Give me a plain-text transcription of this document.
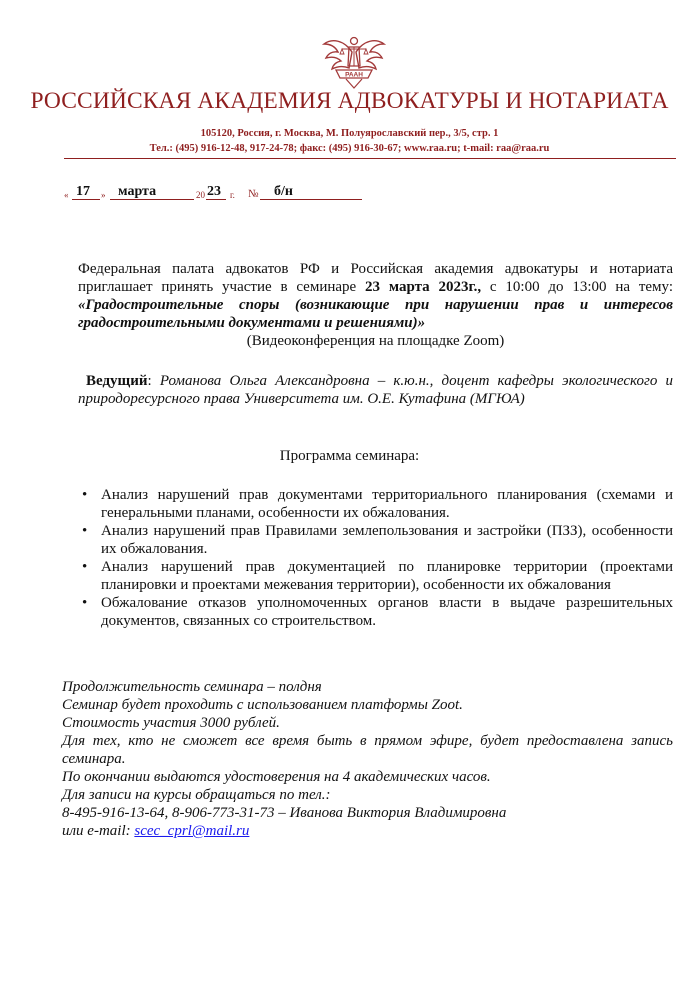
РААН
РОССИЙСКАЯ АКАДЕМИЯ АДВОКАТУРЫ И НОТАРИАТА
105120, Россия, г. Москва, М. Полуярославский пер., 3/5, стр. 1
Тел.: (495) 916-12-48, 917-24-78; факс: (495) 916-30-67; www.raa.ru; t-mail: raa@raa.ru
« 17 » марта	20 23 г. № б/н
Федеральная палата адвокатов РФ и Российская академия адвокатуры и нотариата
приглашает принять участие в семинаре 23 марта 2023г., с 10:00 до 13:00 на тему:
«Градостроительные споры (возникающие при нарушении прав и интересов градостроительными документами и решениями)»
(Видеоконференция на площадке Zoom)
Ведущий: Романова Ольга Александровна – к.ю.н., доцент кафедры экологического и природоресурсного права Университета им. О.Е. Кутафина (МГЮА)
Программа семинара:
• Анализ нарушений прав документами территориального планирования (схемами и генеральными планами, особенности их обжалования.
• Анализ нарушений прав Правилами землепользования и застройки (ПЗЗ), особенности их обжалования.
• Анализ нарушений прав документацией по планировке территории (проектами планировки и проектами межевания территории), особенности их обжалования
• Обжалование отказов уполномоченных органов власти в выдаче разрешительных документов, связанных со строительством.
Продолжительность семинара – полдня
Семинар будет проходить с использованием платформы Zoot.
Стоимость участия 3000 рублей.
Для тех, кто не сможет все время быть в прямом эфире, будет предоставлена запись семинара.
По окончании выдаются удостоверения на 4 академических часов.
Для записи на курсы обращаться по тел.:
8-495-916-13-64, 8-906-773-31-73 – Иванова Виктория Владимировна
или e-mail: scec_cprl@mail.ru
